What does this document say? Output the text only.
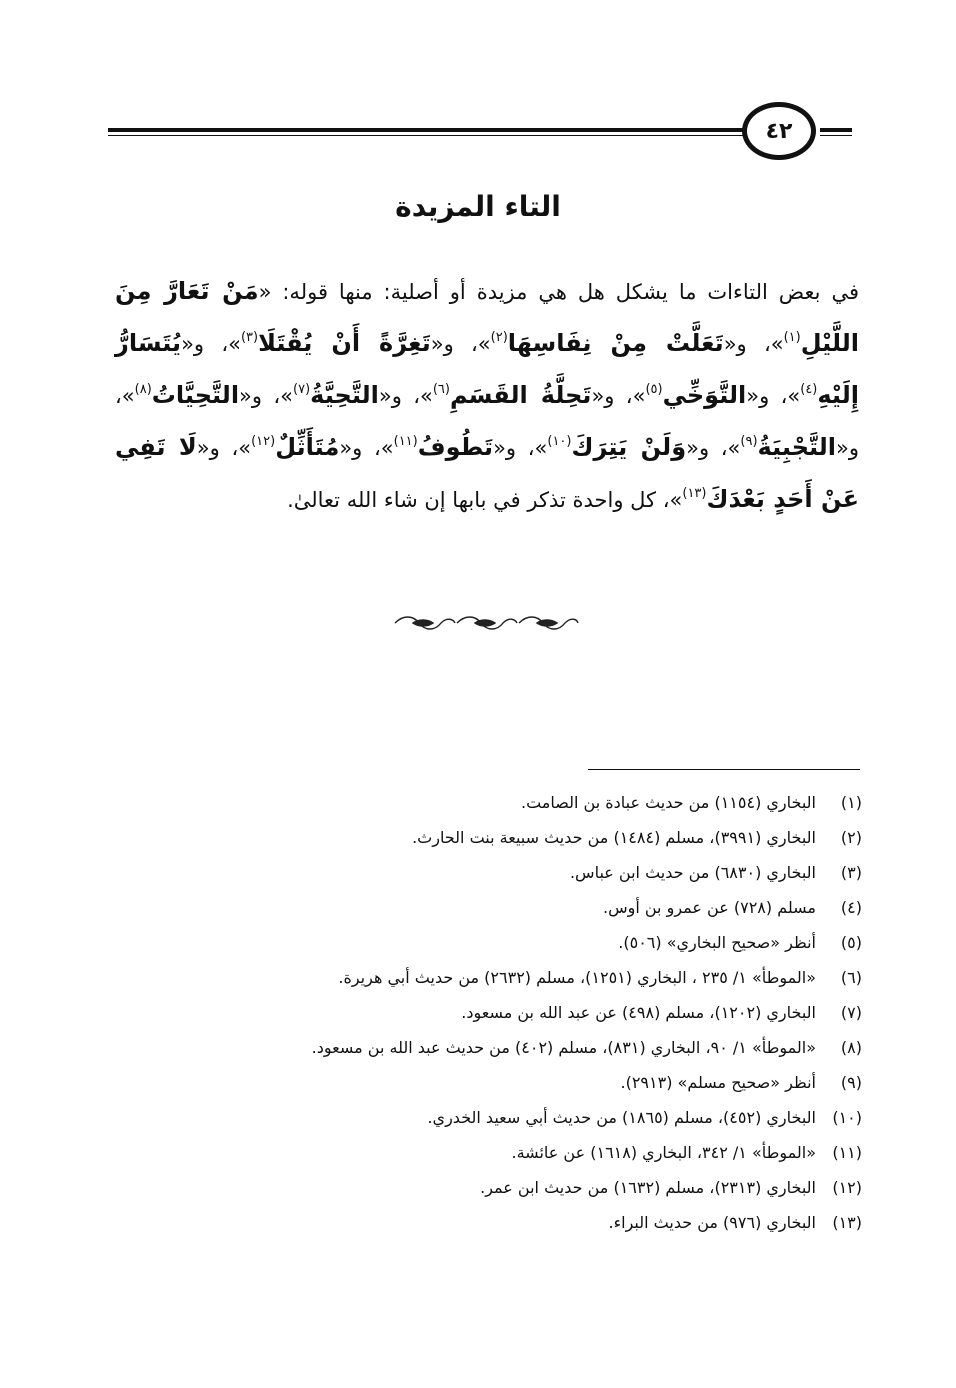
٤٢
التاء المزيدة
في بعض التاءات ما يشكل هل هي مزيدة أو أصلية: منها قوله: «مَنْ تَعَارَّ مِنَ اللَّيْلِ$^{(١)}$»، و«تَعَلَّتْ مِنْ نِفَاسِهَا$^{(٢)}$»، و«تَغِرَّةً أَنْ يُقْتَلَا$^{(٣)}$»، و«يُتَسَارُّ إِلَيْهِ$^{(٤)}$»، و«التَّوَخِّي$^{(٥)}$»، و«تَحِلَّةُ القَسَمِ$^{(٦)}$»، و«التَّحِيَّةُ$^{(٧)}$»، و«التَّحِيَّاتُ$^{(٨)}$»، و«التَّجْبِيَةُ$^{(٩)}$»، و«وَلَنْ يَتِرَكَ$^{(١٠)}$»، و«تَطُوفُ$^{(١١)}$»، و«مُتَأَثِّلٌ$^{(١٢)}$»، و«لَا تَفِي عَنْ أَحَدٍ بَعْدَكَ$^{(١٣)}$»، كل واحدة تذكر في بابها إن شاء الله تعالىٰ.
(١)البخاري (١١٥٤) من حديث عبادة بن الصامت.
(٢)البخاري (٣٩٩١)، مسلم (١٤٨٤) من حديث سبيعة بنت الحارث.
(٣)البخاري (٦٨٣٠) من حديث ابن عباس.
(٤)مسلم (٧٢٨) عن عمرو بن أوس.
(٥)أنظر «صحيح البخاري» (٥٠٦).
(٦)«الموطأ» ١/ ٢٣٥ ، البخاري (١٢٥١)، مسلم (٢٦٣٢) من حديث أبي هريرة.
(٧)البخاري (١٢٠٢)، مسلم (٤٩٨) عن عبد الله بن مسعود.
(٨)«الموطأ» ١/ ٩٠، البخاري (٨٣١)، مسلم (٤٠٢) من حديث عبد الله بن مسعود.
(٩)أنظر «صحيح مسلم» (٢٩١٣).
(١٠)البخاري (٤٥٢)، مسلم (١٨٦٥) من حديث أبي سعيد الخدري.
(١١)«الموطأ» ١/ ٣٤٢، البخاري (١٦١٨) عن عائشة.
(١٢)البخاري (٢٣١٣)، مسلم (١٦٣٢) من حديث ابن عمر.
(١٣)البخاري (٩٧٦) من حديث البراء.
